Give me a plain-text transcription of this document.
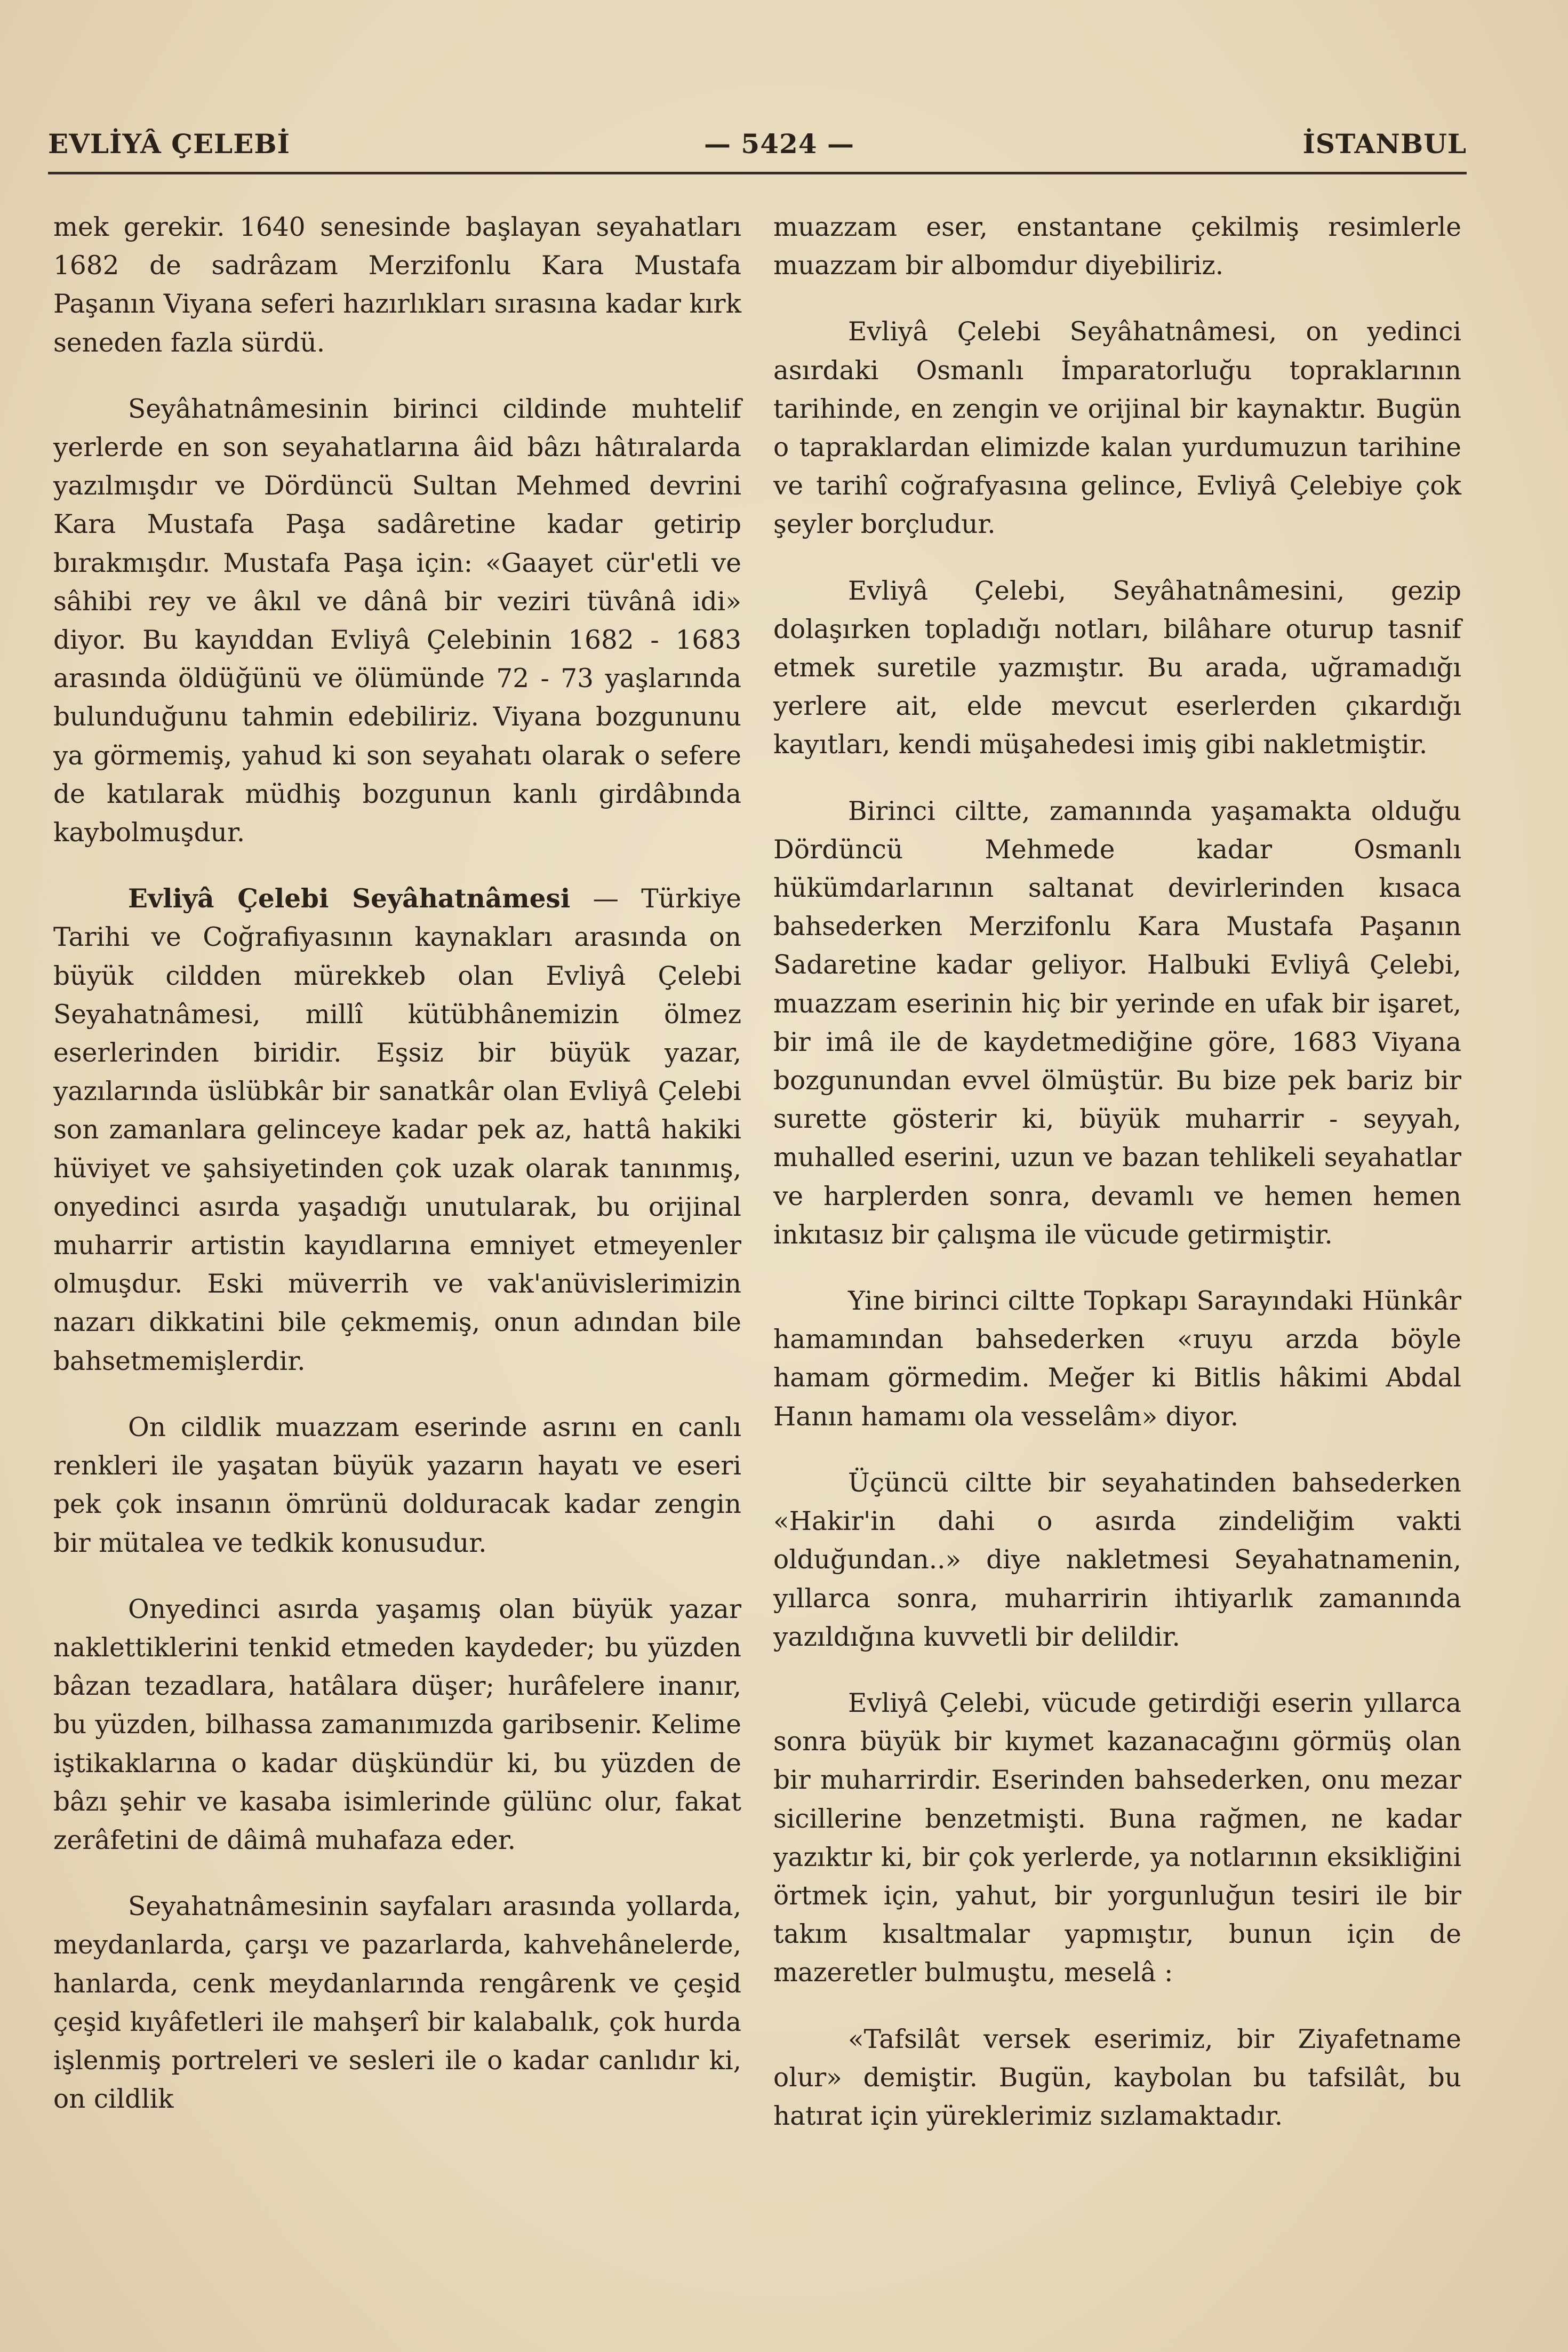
EVLİYÂ ÇELEBİ	— 5424 —	İSTANBUL

mek gerekir. 1640 senesinde başlayan seyahatları 1682 de sadrâzam Merzifonlu Kara Mustafa Paşanın Viyana seferi hazırlıkları sırasına kadar kırk seneden fazla sürdü.

Seyâhatnâmesinin birinci cildinde muhtelif yerlerde en son seyahatlarına âid bâzı hâtıralarda yazılmışdır ve Dördüncü Sultan Mehmed devrini Kara Mustafa Paşa sadâretine kadar getirip bırakmışdır. Mustafa Paşa için: «Gaayet cür'etli ve sâhibi rey ve âkıl ve dânâ bir veziri tüvânâ idi» diyor. Bu kayıddan Evliyâ Çelebinin 1682 - 1683 arasında öldüğünü ve ölümünde 72 - 73 yaşlarında bulunduğunu tahmin edebiliriz. Viyana bozgununu ya görmemiş, yahud ki son seyahatı olarak o sefere de katılarak müdhiş bozgunun kanlı girdâbında kaybolmuşdur.

Evliyâ Çelebi Seyâhatnâmesi — Türkiye Tarihi ve Coğrafiyasının kaynakları arasında on büyük cildden mürekkeb olan Evliyâ Çelebi Seyahatnâmesi, millî kütübhânemizin ölmez eserlerinden biridir. Eşsiz bir büyük yazar, yazılarında üslübkâr bir sanatkâr olan Evliyâ Çelebi son zamanlara gelinceye kadar pek az, hattâ hakiki hüviyet ve şahsiyetinden çok uzak olarak tanınmış, onyedinci asırda yaşadığı unutularak, bu orijinal muharrir artistin kayıdlarına emniyet etmeyenler olmuşdur. Eski müverrih ve vak'anüvislerimizin nazarı dikkatini bile çekmemiş, onun adından bile bahsetmemişlerdir.

On cildlik muazzam eserinde asrını en canlı renkleri ile yaşatan büyük yazarın hayatı ve eseri pek çok insanın ömrünü dolduracak kadar zengin bir mütalea ve tedkik konusudur.

Onyedinci asırda yaşamış olan büyük yazar naklettiklerini tenkid etmeden kaydeder; bu yüzden bâzan tezadlara, hatâlara düşer; hurâfelere inanır, bu yüzden, bilhassa zamanımızda garibsenir. Kelime iştikaklarına o kadar düşkündür ki, bu yüzden de bâzı şehir ve kasaba isimlerinde gülünc olur, fakat zerâfetini de dâimâ muhafaza eder.

Seyahatnâmesinin sayfaları arasında yollarda, meydanlarda, çarşı ve pazarlarda, kahvehânelerde, hanlarda, cenk meydanlarında rengârenk ve çeşid çeşid kıyâfetleri ile mahşerî bir kalabalık, çok hurda işlenmiş portreleri ve sesleri ile o kadar canlıdır ki, on cildlik

muazzam eser, enstantane çekilmiş resimlerle muazzam bir albomdur diyebiliriz.

Evliyâ Çelebi Seyâhatnâmesi, on yedinci asırdaki Osmanlı İmparatorluğu topraklarının tarihinde, en zengin ve orijinal bir kaynaktır. Bugün o tapraklardan elimizde kalan yurdumuzun tarihine ve tarihî coğrafyasına gelince, Evliyâ Çelebiye çok şeyler borçludur.

Evliyâ Çelebi, Seyâhatnâmesini, gezip dolaşırken topladığı notları, bilâhare oturup tasnif etmek suretile yazmıştır. Bu arada, uğramadığı yerlere ait, elde mevcut eserlerden çıkardığı kayıtları, kendi müşahedesi imiş gibi nakletmiştir.

Birinci ciltte, zamanında yaşamakta olduğu Dördüncü Mehmede kadar Osmanlı hükümdarlarının saltanat devirlerinden kısaca bahsederken Merzifonlu Kara Mustafa Paşanın Sadaretine kadar geliyor. Halbuki Evliyâ Çelebi, muazzam eserinin hiç bir yerinde en ufak bir işaret, bir imâ ile de kaydetmediğine göre, 1683 Viyana bozgunundan evvel ölmüştür. Bu bize pek bariz bir surette gösterir ki, büyük muharrir - seyyah, muhalled eserini, uzun ve bazan tehlikeli seyahatlar ve harplerden sonra, devamlı ve hemen hemen inkıtasız bir çalışma ile vücude getirmiştir.

Yine birinci ciltte Topkapı Sarayındaki Hünkâr hamamından bahsederken «ruyu arzda böyle hamam görmedim. Meğer ki Bitlis hâkimi Abdal Hanın hamamı ola vesselâm» diyor.

Üçüncü ciltte bir seyahatinden bahsederken «Hakir'in dahi o asırda zindeliğim vakti olduğundan..» diye nakletmesi Seyahatnamenin, yıllarca sonra, muharririn ihtiyarlık zamanında yazıldığına kuvvetli bir delildir.

Evliyâ Çelebi, vücude getirdiği eserin yıllarca sonra büyük bir kıymet kazanacağını görmüş olan bir muharrirdir. Eserinden bahsederken, onu mezar sicillerine benzetmişti. Buna rağmen, ne kadar yazıktır ki, bir çok yerlerde, ya notlarının eksikliğini örtmek için, yahut, bir yorgunluğun tesiri ile bir takım kısaltmalar yapmıştır, bunun için de mazeretler bulmuştu, meselâ :

«Tafsilât versek eserimiz, bir Ziyafetname olur» demiştir. Bugün, kaybolan bu tafsilât, bu hatırat için yüreklerimiz sızlamaktadır.
